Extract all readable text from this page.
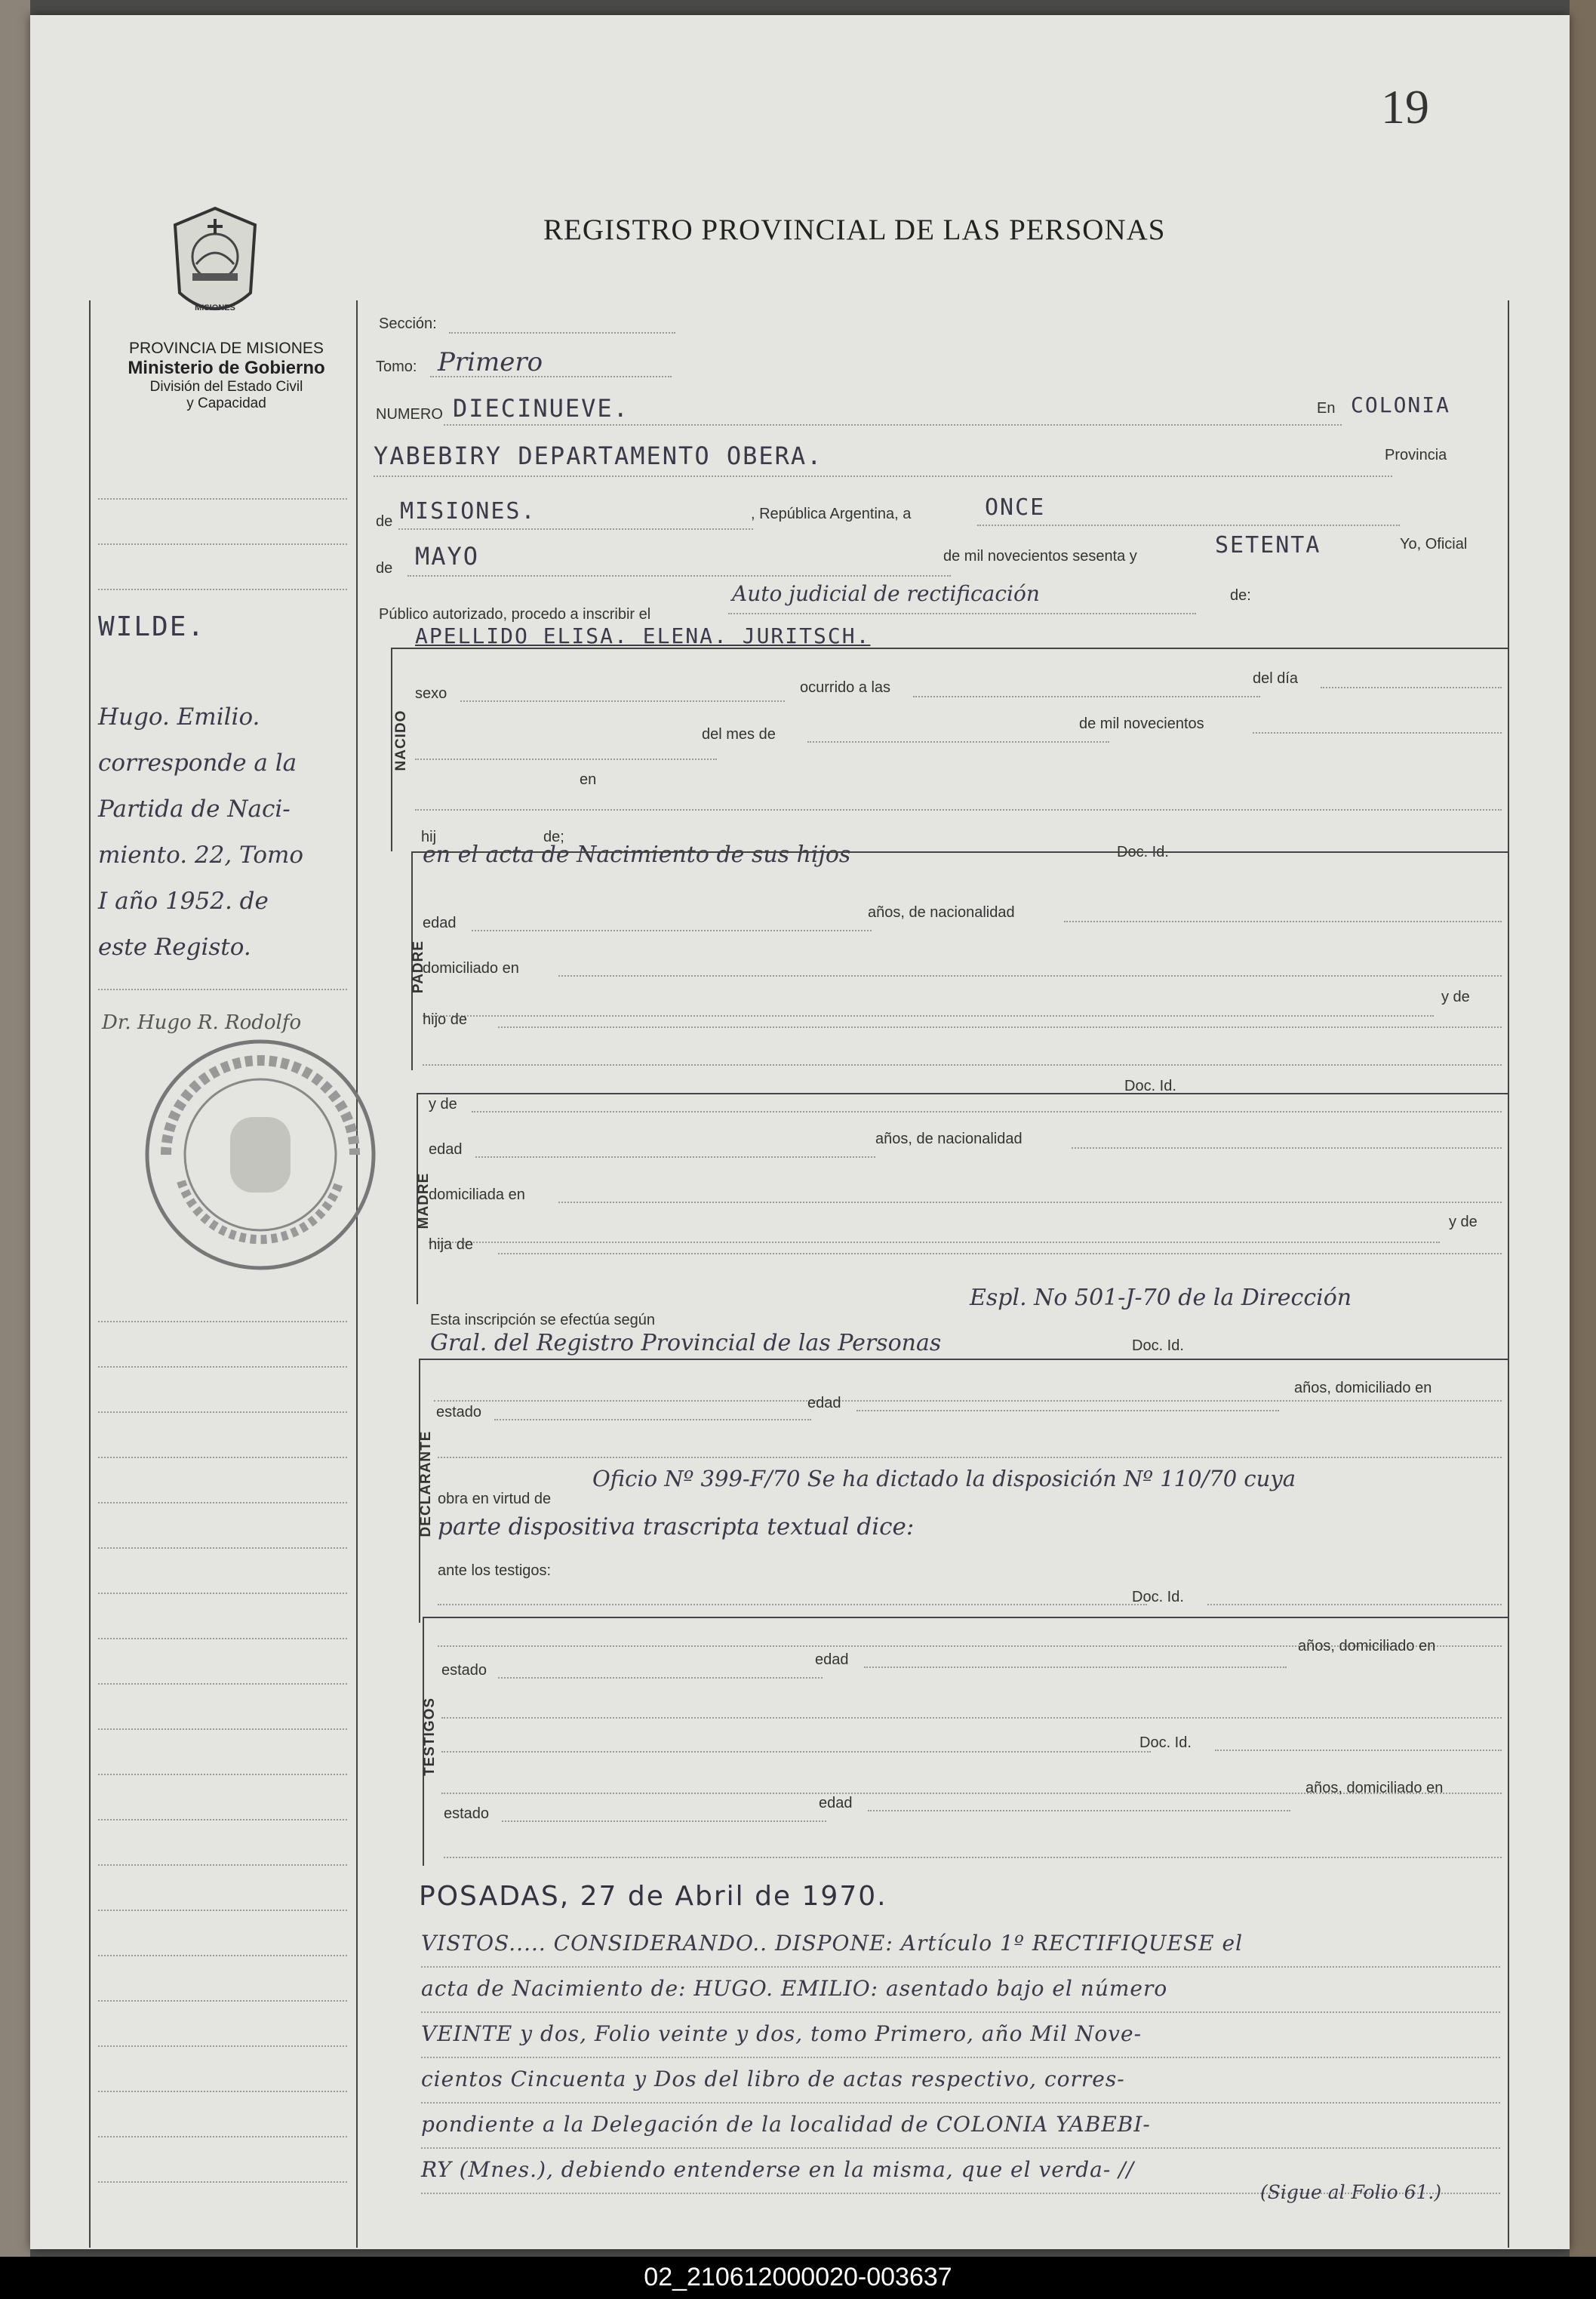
19
MISIONES
REGISTRO PROVINCIAL DE LAS PERSONAS
PROVINCIA DE MISIONES
Ministerio de Gobierno
División del Estado Civil
y Capacidad
WILDE.
Hugo. Emilio.
corresponde a la
Partida de Naci-
miento. 22, Tomo
I año 1952. de
este Registo.
Dr. Hugo R. Rodolfo
Sección:
Tomo: Primero
NUMERO DIECINUEVE.	En COLONIA
YABEBIRY DEPARTAMENTO OBERA.	Provincia
de MISIONES.	, República Argentina, a	ONCE
de MAYO	de mil novecientos sesenta y	SETENTA	Yo, Oficial
Público autorizado, procedo a inscribir el
Auto judicial de rectificación	de:
NACIDO
APELLIDO ELISA. ELENA. JURITSCH.
sexo	ocurrido a las
del día
del mes de
de mil novecientos
en
hij	de;
en el acta de Nacimiento de sus hijos	Doc. Id.
PADRE
edad
años, de nacionalidad
domiciliado en
y de
hijo de
Doc. Id.
MADRE
y de
edad
años, de nacionalidad
domiciliada en
y de
hija de
Esta inscripción se efectúa según
Espl. No 501-J-70 de la Dirección
Gral. del Registro Provincial de las Personas	Doc. Id.
DECLARANTE
años, domiciliado en
estado
edad
obra en virtud de
Oficio Nº 399-F/70 Se ha dictado la disposición Nº 110/70 cuya
parte dispositiva trascripta textual dice:
ante los testigos:
Doc. Id.
TESTIGOS
años, domiciliado en
estado
edad
Doc. Id.
años, domiciliado en
estado
edad
POSADAS, 27 de Abril de 1970.
VISTOS..... CONSIDERANDO.. DISPONE: Artículo 1º RECTIFIQUESE el
acta de Nacimiento de: HUGO. EMILIO: asentado bajo el número
VEINTE y dos, Folio veinte y dos, tomo Primero, año Mil Nove-
cientos Cincuenta y Dos del libro de actas respectivo, corres-
pondiente a la Delegación de la localidad de COLONIA YABEBI-
RY (Mnes.), debiendo entenderse en la misma, que el verda- //
(Sigue al Folio 61.)
02_210612000020-003637
